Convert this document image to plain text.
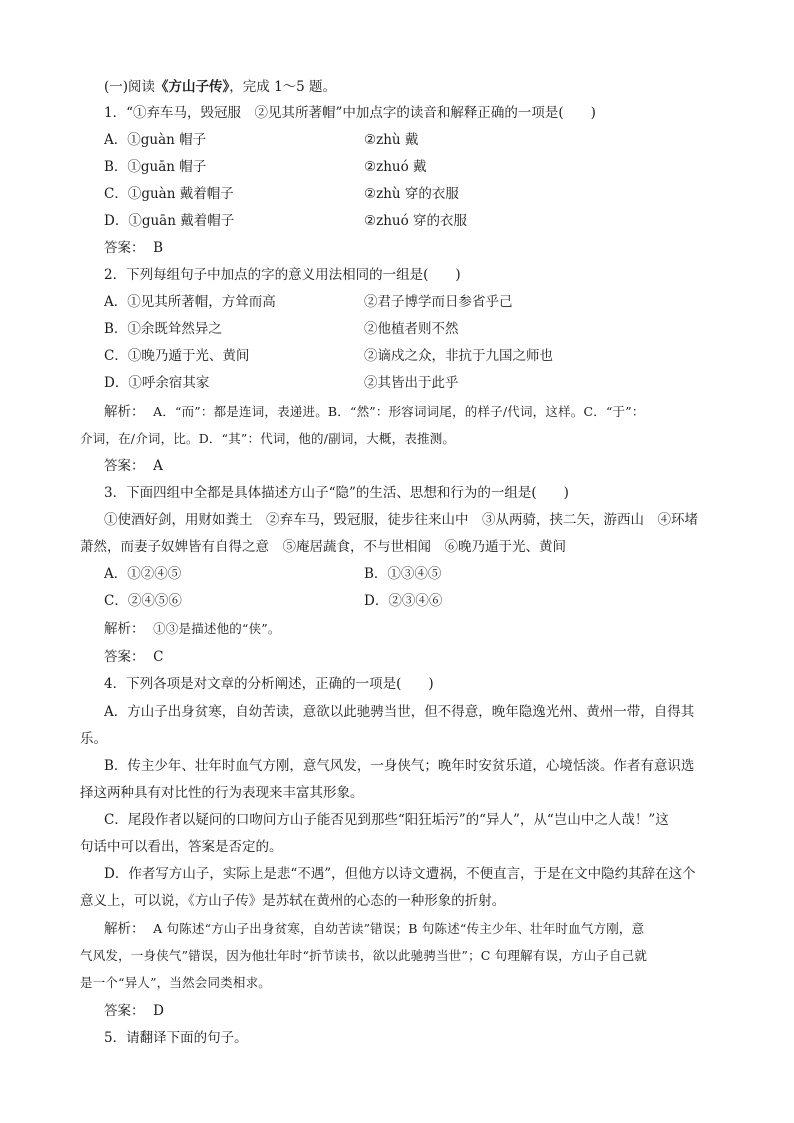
(一)阅读《方山子传》，完成 1～5 题。
1．“①弃车马，毁冠服　②见其所著帽”中加点字的读音和解释正确的一项是(　　)
A．①guàn 帽子	②zhù 戴
B．①guān 帽子	②zhuó 戴
C．①guàn 戴着帽子	②zhù 穿的衣服
D．①guān 戴着帽子	②zhuó 穿的衣服
答案： B
2．下列每组句子中加点的字的意义用法相同的一组是(　　)
A．①见其所著帽，方耸而高	②君子博学而日参省乎己
B．①余既耸然异之	②他植者则不然
C．①晚乃遁于光、黄间	②谪戍之众，非抗于九国之师也
D．①呼余宿其家	②其皆出于此乎
解析： A．“而”：都是连词，表递进。B．“然”：形容词词尾，的样子/代词，这样。C．“于”：
介词，在/介词，比。D．“其”：代词，他的/副词，大概，表推测。
答案： A
3．下面四组中全都是具体描述方山子“隐”的生活、思想和行为的一组是(　　)
①使酒好剑，用财如粪土　②弃车马，毁冠服，徒步往来山中　③从两骑，挟二矢，游西山　④环堵
萧然，而妻子奴婢皆有自得之意　⑤庵居蔬食，不与世相闻　⑥晚乃遁于光、黄间
A．①②④⑤	B．①③④⑤
C．②④⑤⑥	D．②③④⑥
解析： ①③是描述他的“侠”。
答案： C
4．下列各项是对文章的分析阐述，正确的一项是(　　)
A．方山子出身贫寒，自幼苦读，意欲以此驰骋当世，但不得意，晚年隐逸光州、黄州一带，自得其
乐。
B．传主少年、壮年时血气方刚，意气风发，一身侠气；晚年时安贫乐道，心境恬淡。作者有意识选
择这两种具有对比性的行为表现来丰富其形象。
C．尾段作者以疑问的口吻问方山子能否见到那些“阳狂垢污”的“异人”，从“岂山中之人哉！”这
句话中可以看出，答案是否定的。
D．作者写方山子，实际上是悲“不遇”，但他方以诗文遭祸，不便直言，于是在文中隐约其辞在这个
意义上，可以说，《方山子传》是苏轼在黄州的心态的一种形象的折射。
解析： A 句陈述“方山子出身贫寒，自幼苦读”错误；B 句陈述“传主少年、壮年时血气方刚，意
气风发，一身侠气”错误，因为他壮年时“折节读书，欲以此驰骋当世”；C 句理解有误，方山子自己就
是一个“异人”，当然会同类相求。
答案： D
5．请翻译下面的句子。
